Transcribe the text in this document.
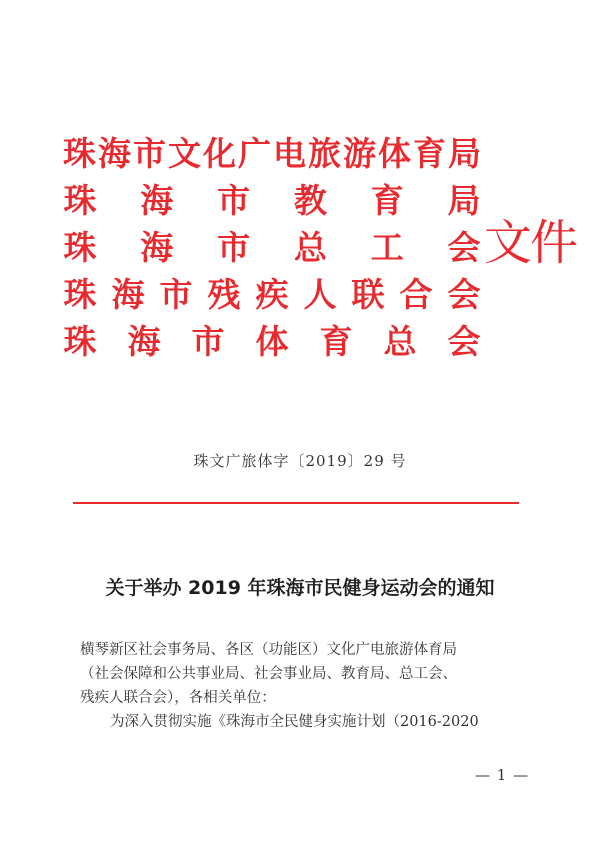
珠 海 市 文 化 广 电 旅 游 体 育 局
珠 海 市 教 育 局
珠 海 市 总 工 会
珠 海 市 残 疾 人 联 合 会
珠 海 市 体 育 总 会
文件
珠文广旅体字〔2019〕29 号
关于举办 2019 年珠海市民健身运动会的通知

横琴新区社会事务局、各区（功能区）文化广电旅游体育局

（社会保障和公共事业局、社会事业局、教育局、总工会、

残疾人联合会），各相关单位：

为深入贯彻实施《珠海市全民健身实施计划（2016-2020

— 1 —
